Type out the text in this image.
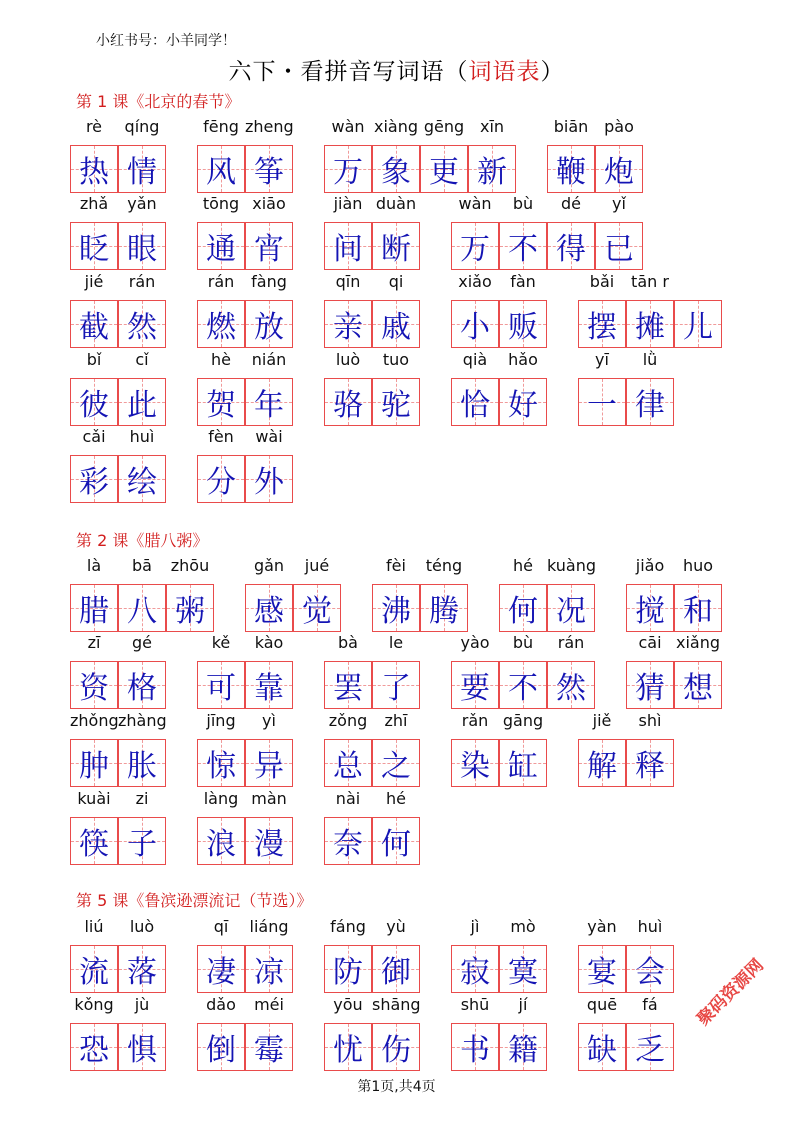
小红书号：小羊同学！
六下・看拼音写词语（词语表）
第 1 课《北京的春节》
热
rè
情
qíng
风
fēng
筝
zheng
万
wàn
象
xiàng
更
gēng
新
xīn
鞭
biān
炮
pào
眨
zhǎ
眼
yǎn
通
tōng
宵
xiāo
间
jiàn
断
duàn
万
wàn
不
bù
得
dé
已
yǐ
截
jié
然
rán
燃
rán
放
fàng
亲
qīn
戚
qi
小
xiǎo
贩
fàn
摆
bǎi
摊
tān r
儿
彼
bǐ
此
cǐ
贺
hè
年
nián
骆
luò
驼
tuo
恰
qià
好
hǎo
一
yī
律
lǜ
彩
cǎi
绘
huì
分
fèn
外
wài
第 2 课《腊八粥》
腊
là
八
bā
粥
zhōu
感
gǎn
觉
jué
沸
fèi
腾
téng
何
hé
况
kuàng
搅
jiǎo
和
huo
资
zī
格
gé
可
kě
靠
kào
罢
bà
了
le
要
yào
不
bù
然
rán
猜
cāi
想
xiǎng
肿
zhǒng
胀
zhàng
惊
jīng
异
yì
总
zǒng
之
zhī
染
rǎn
缸
gāng
解
jiě
释
shì
筷
kuài
子
zi
浪
làng
漫
màn
奈
nài
何
hé
第 5 课《鲁滨逊漂流记（节选）》
流
liú
落
luò
凄
qī
凉
liáng
防
fáng
御
yù
寂
jì
寞
mò
宴
yàn
会
huì
恐
kǒng
惧
jù
倒
dǎo
霉
méi
忧
yōu
伤
shāng
书
shū
籍
jí
缺
quē
乏
fá
第1页,共4页
聚码资源网
